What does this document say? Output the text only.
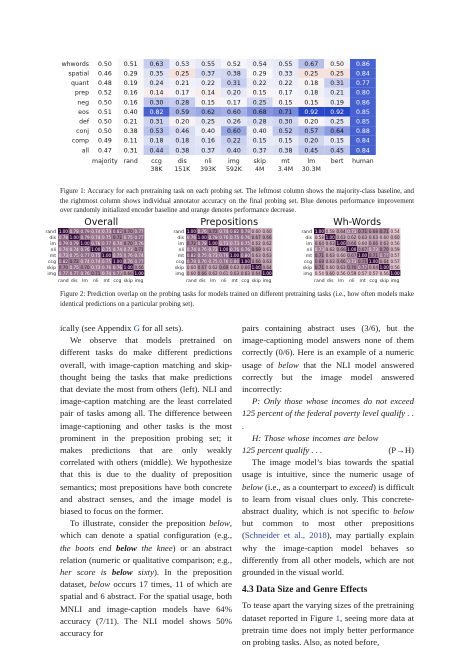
whwords 0.50 0.51 0.63 0.53 0.55 0.52 0.54 0.55 0.67 0.50 0.86
spatial 0.46 0.29 0.35 0.25 0.37 0.38 0.29 0.33 0.25 0.25 0.84
quant 0.48 0.19 0.24 0.21 0.22 0.31 0.22 0.22 0.18 0.31 0.77
prep 0.52 0.16 0.14 0.17 0.14 0.20 0.15 0.17 0.18 0.21 0.80
neg 0.50 0.16 0.30 0.28 0.15 0.17 0.25 0.15 0.15 0.19 0.86
eos 0.51 0.40 0.82 0.59 0.62 0.60 0.68 0.71 0.92 0.92 0.85
def 0.50 0.21 0.31 0.20 0.25 0.26 0.28 0.30 0.20 0.25 0.85
conj 0.50 0.38 0.53 0.46 0.40 0.60 0.40 0.52 0.57 0.64 0.88
comp 0.49 0.11 0.18 0.18 0.16 0.22 0.15 0.15 0.20 0.15 0.84
all 0.47 0.31 0.44 0.38 0.37 0.40 0.37 0.38 0.45 0.45 0.84
majority rand ccg
38K
dis
151K
nli
393K
img
592K
skip
4M
mt
3.4M
lm
30.3M
bert human
Figure 1: Accuracy for each pretraining task on each probing set. The leftmost column shows the majority-class baseline, and the rightmost column shows individual annotator accuracy on the final probing set. Blue denotes performance improvement over randomly initialized encoder baseline and orange denotes performance decrease.
Overall
rand 1.00 0.78 0.79 0.74 0.73 0.82 0.70 0.77
dis 0.78 1.00 0.79 0.74 0.75 0.72 0.75 0.77
lm 0.79 0.79 1.00 0.76 0.77 0.74 0.70 0.76
nli 0.74 0.74 0.76 1.00 0.75 0.74 0.73 0.71
mt 0.73 0.75 0.77 0.75 1.00 0.75 0.76 0.74
ccg 0.82 0.72 0.74 0.74 0.75 1.00 0.76 0.77
skip 0.70 0.75 0.70 0.73 0.76 0.76 1.00 0.66
img 0.77 0.77 0.76 0.71 0.74 0.77 0.66 1.00
rand dis lm nli mt ccg skip img
Prepositions
rand 1.00 0.76 0.72 0.74 0.82 0.78 0.60 0.60
dis 0.76 1.00 0.78 0.76 0.75 0.76 0.67 0.66
lm 0.72 0.78 1.00 0.73 0.73 0.75 0.62 0.62
nli 0.74 0.76 0.73 1.00 0.76 0.76 0.69 0.61
mt 0.82 0.75 0.73 0.76 1.00 0.80 0.63 0.63
ccg 0.78 0.76 0.75 0.76 0.80 1.00 0.66 0.63
skip 0.60 0.67 0.62 0.69 0.63 0.66 1.00 0.64
img 0.60 0.66 0.62 0.61 0.63 0.63 0.64 1.00
rand dis lm nli mt ccg skip img
Wh-Words
rand 1.00 0.58 0.64 0.73 0.71 0.68 0.71 0.54
dis 0.58 1.00 0.63 0.62 0.63 0.63 0.60 0.60
lm 0.64 0.63 1.00 0.66 0.60 0.66 0.63 0.56
nli 0.73 0.62 0.66 1.00 0.67 0.73 0.70 0.59
mt 0.71 0.63 0.60 0.67 1.00 0.71 0.77 0.57
ccg 0.68 0.63 0.66 0.73 0.71 1.00 0.64 0.57
skip 0.71 0.60 0.63 0.70 0.77 0.64 1.00 0.56
img 0.54 0.60 0.56 0.59 0.57 0.57 0.56 1.00
rand dis lm nli mt ccg skip img
Figure 2: Prediction overlap on the probing tasks for models trained on different pretraining tasks (i.e., how often models make identical predictions on a particular probing set).

ically (see Appendix G for all sets).

We observe that models pretrained on different tasks do make different predictions overall, with image-caption matching and skip-thought being the tasks that make predictions that deviate the most from others (left). NLI and image-caption matching are the least correlated pair of tasks among all. The difference between image-captioning and other tasks is the most prominent in the preposition probing set; it makes predictions that are only weakly correlated with others (middle). We hypothesize that this is due to the duality of preposition semantics; most prepositions have both concrete and abstract senses, and the image model is biased to focus on the former.

To illustrate, consider the preposition below, which can denote a spatial configuration (e.g., the boots end below the knee) or an abstract relation (numeric or qualitative comparison; e.g., her score is below sixty). In the preposition dataset, below occurs 17 times, 11 of which are spatial and 6 abstract. For the spatial usage, both MNLI and image-caption models have 64% accuracy (7/11). The NLI model shows 50% accuracy for

pairs containing abstract uses (3/6), but the image-captioning model answers none of them correctly (0/6). Here is an example of a numeric usage of below that the NLI model answered correctly but the image model answered incorrectly:

P: Only those whose incomes do not exceed 125 percent of the federal poverty level qualify . . .

H: Those whose incomes are below 125 percent qualify . . .	(P→H)

The image model’s bias towards the spatial usage is intuitive, since the numeric usage of below (i.e., as a counterpart to exceed) is difficult to learn from visual clues only. This concrete-abstract duality, which is not specific to below but common to most other prepositions (Schneider et al., 2018), may partially explain why the image-caption model behaves so differently from all other models, which are not grounded in the visual world.

4.3 Data Size and Genre Effects

To tease apart the varying sizes of the pretraining dataset reported in Figure 1, seeing more data at pretrain time does not imply better performance on probing tasks. Also, as noted before,
